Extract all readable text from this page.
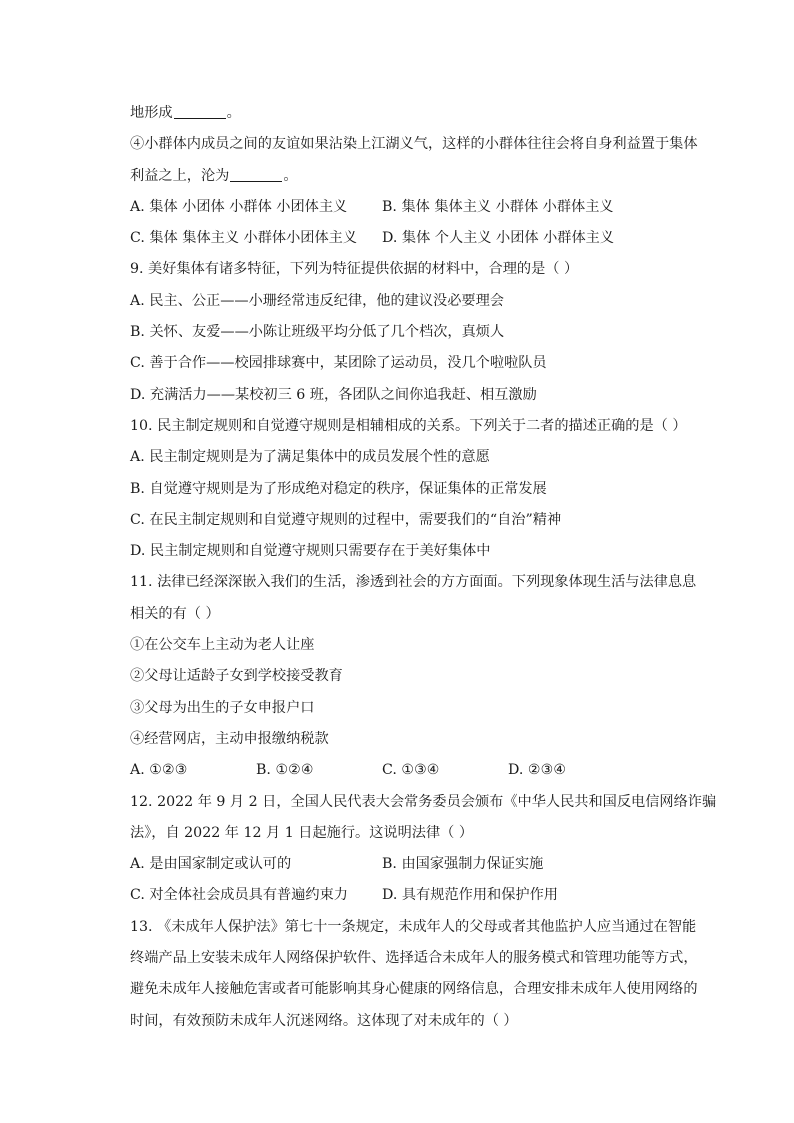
地形成	。
④小群体内成员之间的友谊如果沾染上江湖义气，这样的小群体往往会将自身利益置于集体
利益之上，沦为	。
A. 集体 小团体 小群体 小团体主义 B. 集体 集体主义 小群体 小群体主义
C. 集体 集体主义 小群体小团体主义 D. 集体 个人主义 小团体 小群体主义
9. 美好集体有诸多特征，下列为特征提供依据的材料中，合理的是（ ）
A. 民主、公正——小珊经常违反纪律，他的建议没必要理会
B. 关怀、友爱——小陈让班级平均分低了几个档次，真烦人
C. 善于合作——校园排球赛中，某团除了运动员，没几个啦啦队员
D. 充满活力——某校初三 6 班，各团队之间你追我赶、相互激励
10. 民主制定规则和自觉遵守规则是相辅相成的关系。下列关于二者的描述正确的是（ ）
A. 民主制定规则是为了满足集体中的成员发展个性的意愿
B. 自觉遵守规则是为了形成绝对稳定的秩序，保证集体的正常发展
C. 在民主制定规则和自觉遵守规则的过程中，需要我们的“自治”精神
D. 民主制定规则和自觉遵守规则只需要存在于美好集体中
11. 法律已经深深嵌入我们的生活，渗透到社会的方方面面。下列现象体现生活与法律息息
相关的有（ ）
①在公交车上主动为老人让座
②父母让适龄子女到学校接受教育
③父母为出生的子女申报户口
④经营网店，主动申报缴纳税款
A. ①②③	B. ①②④	C. ①③④	D. ②③④
12. 2022 年 9 月 2 日，全国人民代表大会常务委员会颁布《中华人民共和国反电信网络诈骗
法》，自 2022 年 12 月 1 日起施行。这说明法律（ ）
A. 是由国家制定或认可的	B. 由国家强制力保证实施
C. 对全体社会成员具有普遍约束力 D. 具有规范作用和保护作用
13. 《未成年人保护法》第七十一条规定，未成年人的父母或者其他监护人应当通过在智能
终端产品上安装未成年人网络保护软件、选择适合未成年人的服务模式和管理功能等方式，
避免未成年人接触危害或者可能影响其身心健康的网络信息，合理安排未成年人使用网络的
时间，有效预防未成年人沉迷网络。这体现了对未成年的（ ）
